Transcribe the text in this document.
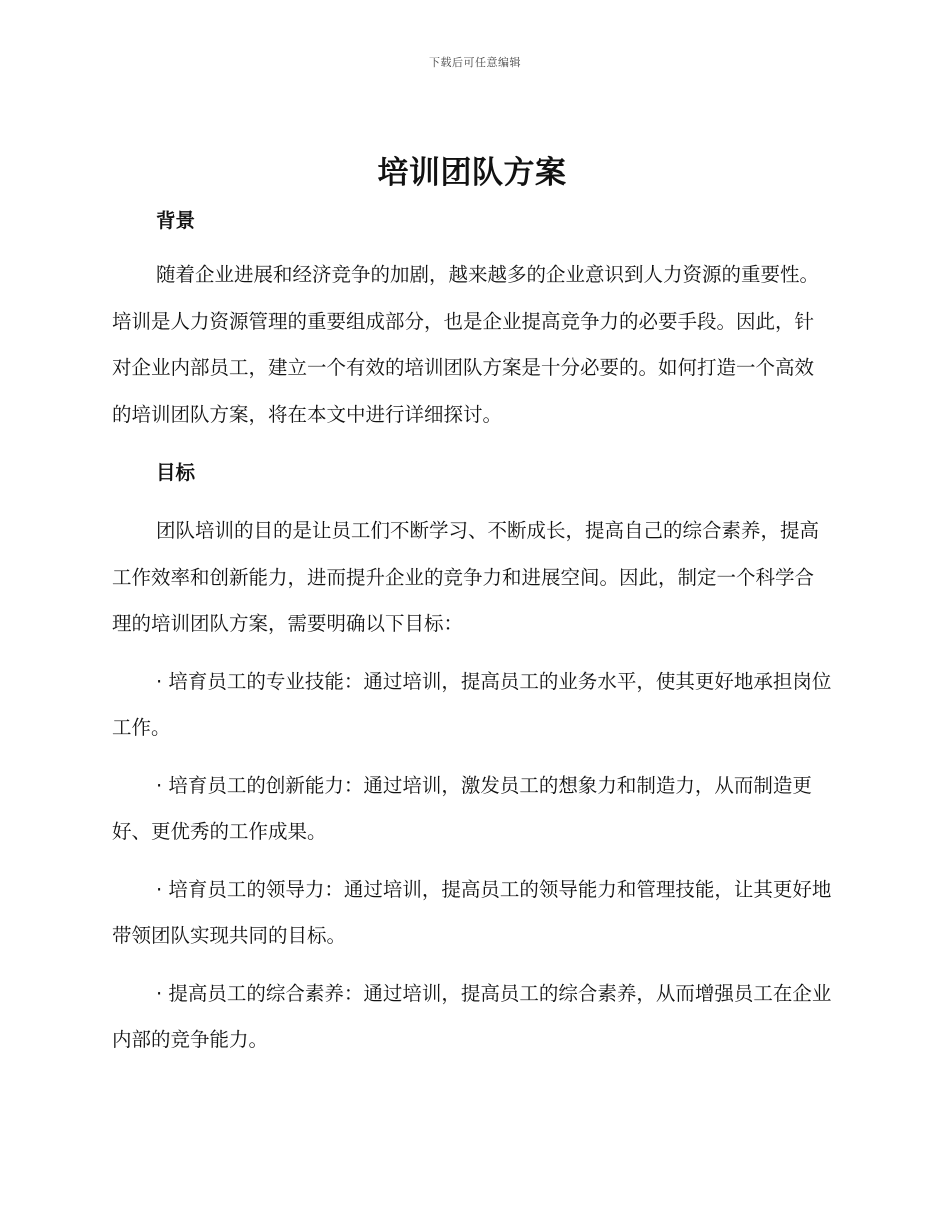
下载后可任意编辑
培训团队方案
背景

随着企业进展和经济竞争的加剧，越来越多的企业意识到人力资源的重要性。培训是人力资源管理的重要组成部分，也是企业提高竞争力的必要手段。因此，针对企业内部员工，建立一个有效的培训团队方案是十分必要的。如何打造一个高效的培训团队方案，将在本文中进行详细探讨。

目标

团队培训的目的是让员工们不断学习、不断成长，提高自己的综合素养，提高工作效率和创新能力，进而提升企业的竞争力和进展空间。因此，制定一个科学合理的培训团队方案，需要明确以下目标：

· 培育员工的专业技能：通过培训，提高员工的业务水平，使其更好地承担岗位工作。

· 培育员工的创新能力：通过培训，激发员工的想象力和制造力，从而制造更好、更优秀的工作成果。

· 培育员工的领导力：通过培训，提高员工的领导能力和管理技能，让其更好地带领团队实现共同的目标。

· 提高员工的综合素养：通过培训，提高员工的综合素养，从而增强员工在企业内部的竞争能力。
